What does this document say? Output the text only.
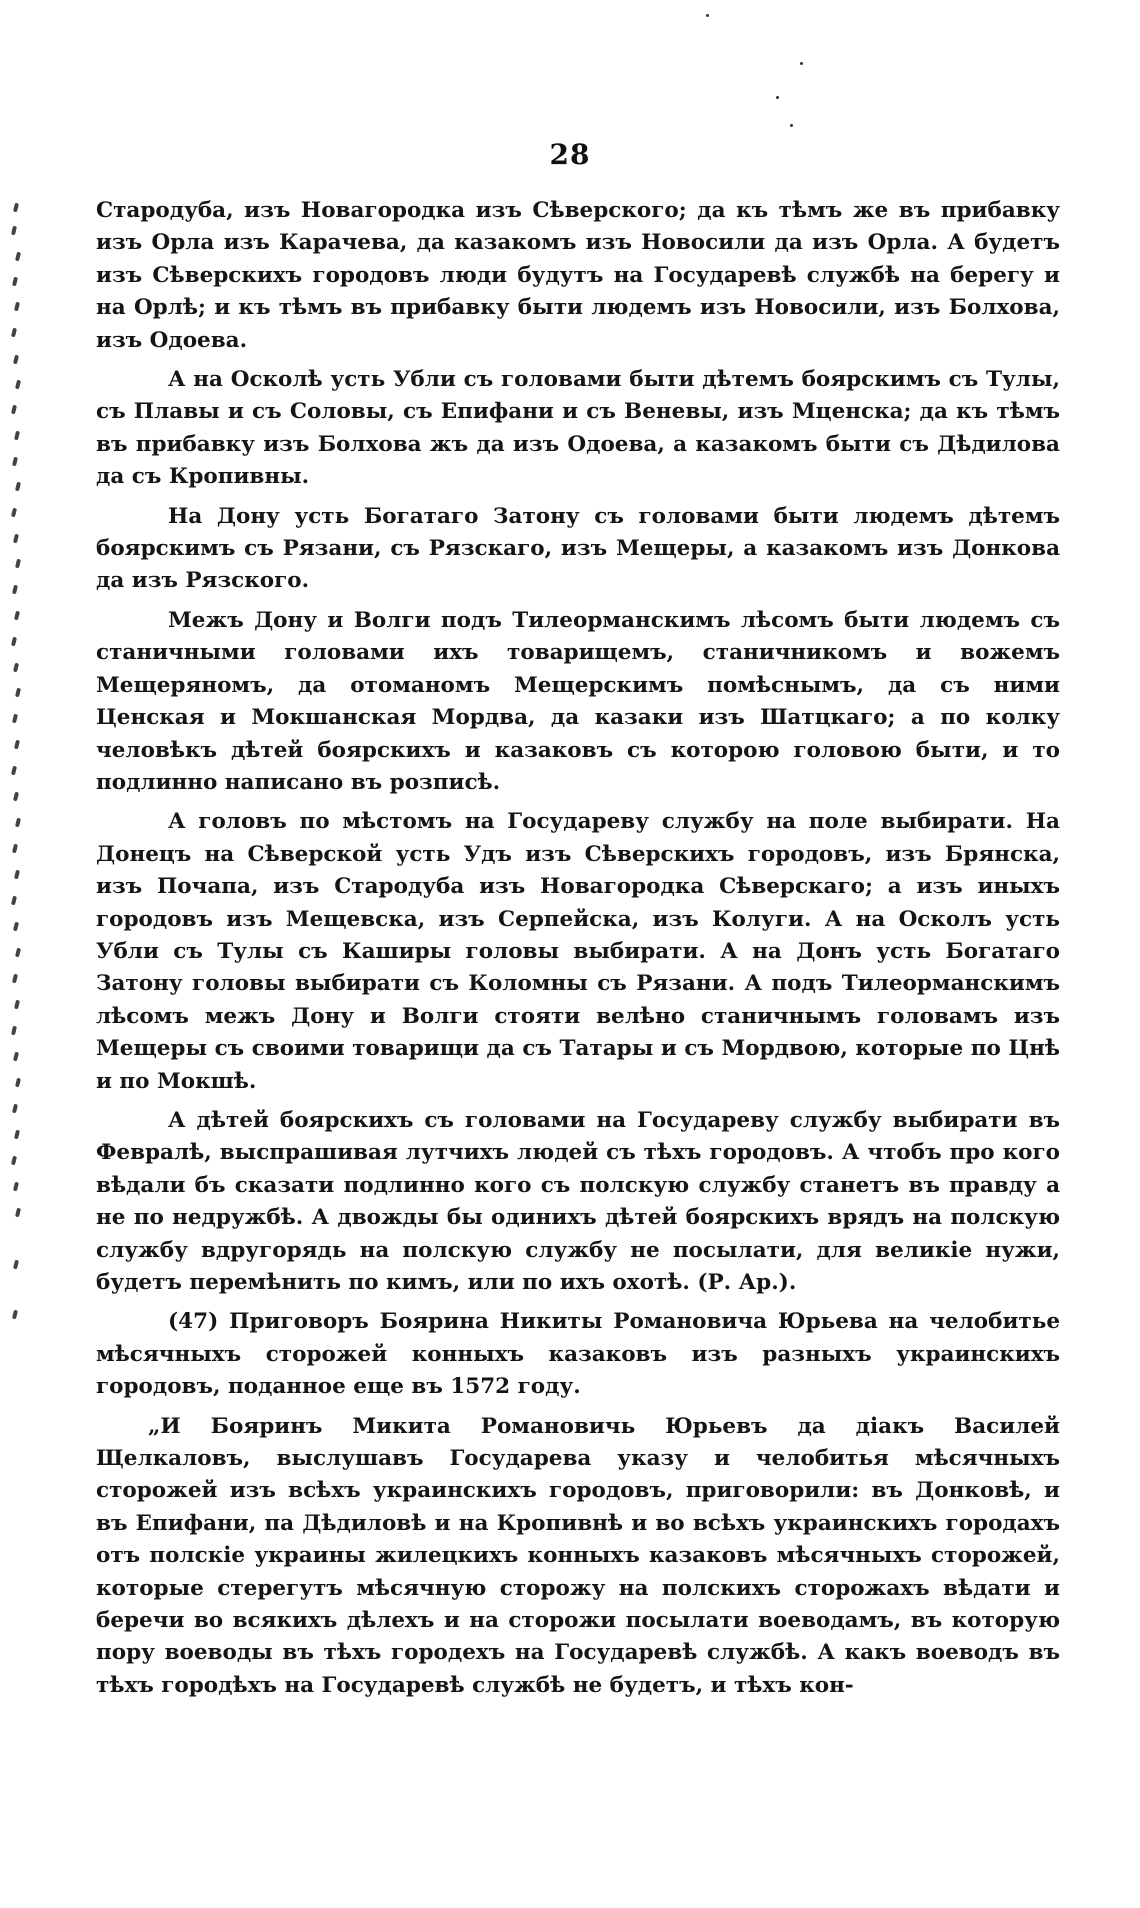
28

Стародуба, изъ Новагородка изъ Сѣверского; да къ тѣмъ же въ прибавку изъ Орла изъ Карачева, да казакомъ изъ Новосили да изъ Орла. А будетъ изъ Сѣверскихъ городовъ люди будутъ на Государевѣ службѣ на берегу и на Орлѣ; и къ тѣмъ въ прибавку быти людемъ изъ Новосили, изъ Болхова, изъ Одоева.

А на Осколѣ усть Убли съ головами быти дѣтемъ боярскимъ съ Тулы, съ Плавы и съ Соловы, съ Епифани и съ Веневы, изъ Мценска; да къ тѣмъ въ прибавку изъ Болхова жъ да изъ Одоева, а казакомъ быти съ Дѣдилова да съ Кропивны.

На Дону усть Богатаго Затону съ головами быти людемъ дѣтемъ боярскимъ съ Рязани, съ Рязскаго, изъ Мещеры, а казакомъ изъ Донкова да изъ Рязского.

Межъ Дону и Волги подъ Тилеорманскимъ лѣсомъ быти людемъ съ станичными головами ихъ товарищемъ, станичникомъ и вожемъ Мещеряномъ, да отоманомъ Мещерскимъ помѣснымъ, да съ ними Ценская и Мокшанская Мордва, да казаки изъ Шатцкаго; а по колку человѣкъ дѣтей боярскихъ и казаковъ съ которою головою быти, и то подлинно написано въ розписѣ.

А головъ по мѣстомъ на Государеву службу на поле выбирати. На Донецъ на Сѣверской усть Удъ изъ Сѣверскихъ городовъ, изъ Брянска, изъ Почапа, изъ Стародуба изъ Новагородка Сѣверскаго; а изъ иныхъ городовъ изъ Мещевска, изъ Серпейска, изъ Колуги. А на Осколъ усть Убли съ Тулы съ Каширы головы выбирати. А на Донъ усть Богатаго Затону головы выбирати съ Коломны съ Рязани. А подъ Тилеорманскимъ лѣсомъ межъ Дону и Волги стояти велѣно станичнымъ головамъ изъ Мещеры съ своими товарищи да съ Татары и съ Мордвою, которые по Цнѣ и по Мокшѣ.

А дѣтей боярскихъ съ головами на Государеву службу выбирати въ Февралѣ, выспрашивая лутчихъ людей съ тѣхъ городовъ. А чтобъ про кого вѣдали бъ сказати подлинно кого съ полскую службу станетъ въ правду а не по недружбѣ. А двожды бы одинихъ дѣтей боярскихъ врядъ на полскую службу вдругорядь на полскую службу не посылати, для великіе нужи, будетъ перемѣнить по кимъ, или по ихъ охотѣ. (Р. Ар.).

(47) Приговоръ Боярина Никиты Романовича Юрьева на челобитье мѣсячныхъ сторожей конныхъ казаковъ изъ разныхъ украинскихъ городовъ, поданное еще въ 1572 году.

„И Бояринъ Микита Романовичь Юрьевъ да діакъ Василей Щелкаловъ, выслушавъ Государева указу и челобитья мѣсячныхъ сторожей изъ всѣхъ украинскихъ городовъ, приговорили: въ Донковѣ, и въ Епифани, па Дѣдиловѣ и на Кропивнѣ и во всѣхъ украинскихъ городахъ отъ полскіе украины жилецкихъ конныхъ казаковъ мѣсячныхъ сторожей, которые стерегутъ мѣсячную сторожу на полскихъ сторожахъ вѣдати и беречи во всякихъ дѣлехъ и на сторожи посылати воеводамъ, въ которую пору воеводы въ тѣхъ городехъ на Государевѣ службѣ. А какъ воеводъ въ тѣхъ городѣхъ на Государевѣ службѣ не будетъ, и тѣхъ кон-
